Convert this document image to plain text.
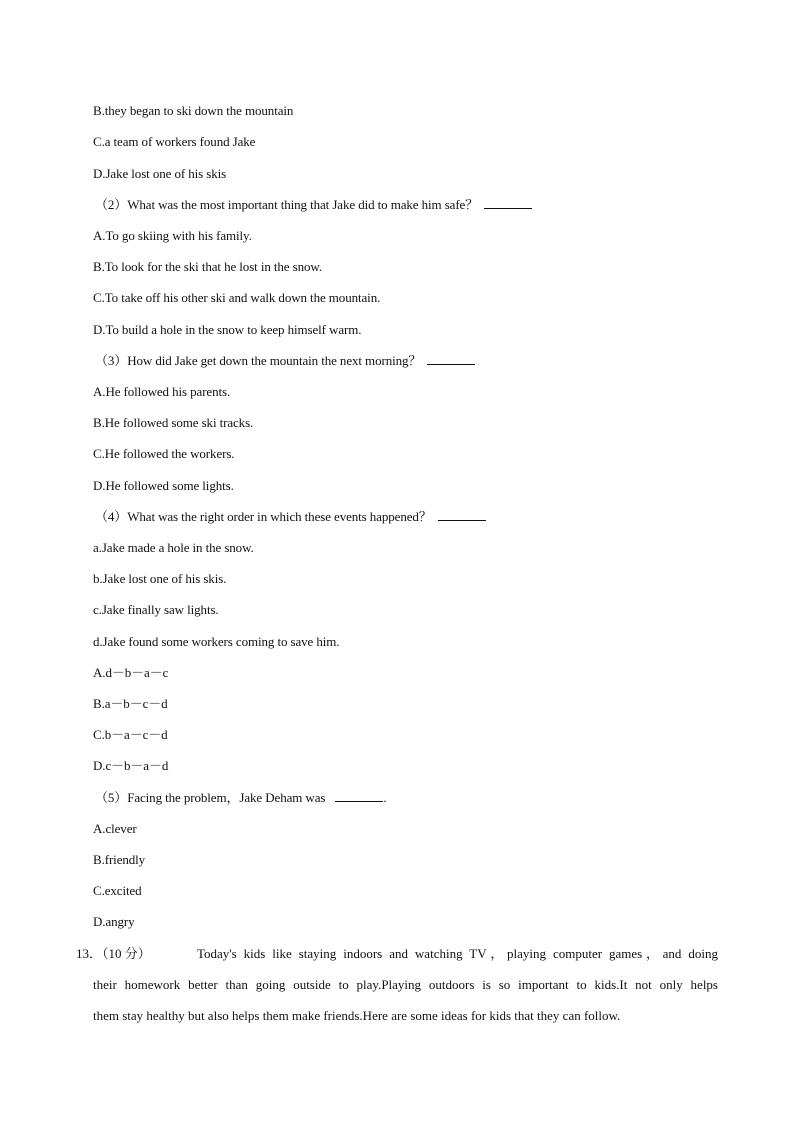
B.they began to ski down the mountain
C.a team of workers found Jake
D.Jake lost one of his skis
（2）What was the most important thing that Jake did to make him safe？
A.To go skiing with his family.
B.To look for the ski that he lost in the snow.
C.To take off his other ski and walk down the mountain.
D.To build a hole in the snow to keep himself warm.
（3）How did Jake get down the mountain the next morning？
A.He followed his parents.
B.He followed some ski tracks.
C.He followed the workers.
D.He followed some lights.
（4）What was the right order in which these events happened？
a.Jake made a hole in the snow.
b.Jake lost one of his skis.
c.Jake finally saw lights.
d.Jake found some workers coming to save him.
A.d－b－a－c
B.a－b－c－d
C.b－a－c－d
D.c－b－a－d
（5）Facing the problem，Jake Deham was	.
A.clever
B.friendly
C.excited
D.angry
13．（10 分）	Today's kids like staying indoors and watching TV，playing computer games，and doing
their homework better than going outside to play.Playing outdoors is so important to kids.It not only helps
them stay healthy but also helps them make friends.Here are some ideas for kids that they can follow.
